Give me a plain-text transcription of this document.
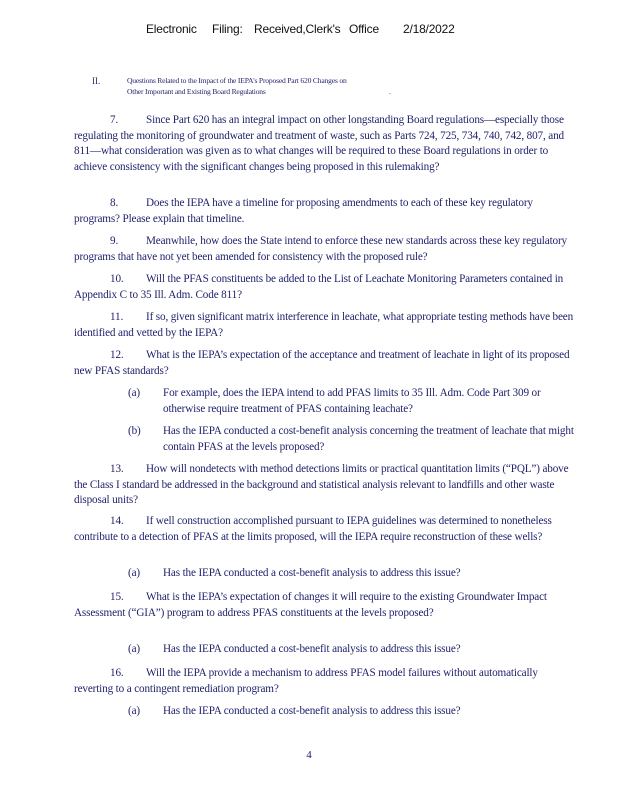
Electronic Filing: Received,Clerk's Office 2/18/2022
II.	Questions Related to the Impact of the IEPA's Proposed Part 620 Changes on
Other Important and Existing Board Regulations	.
7. Since Part 620 has an integral impact on other longstanding Board regulations—especially those regulating the monitoring of groundwater and treatment of waste, such as Parts 724, 725, 734, 740, 742, 807, and 811—what consideration was given as to what changes will be required to these Board regulations in order to achieve consistency with the significant changes being proposed in this rulemaking?
8. Does the IEPA have a timeline for proposing amendments to each of these key regulatory programs? Please explain that timeline.
9. Meanwhile, how does the State intend to enforce these new standards across these key regulatory programs that have not yet been amended for consistency with the proposed rule?
10. Will the PFAS constituents be added to the List of Leachate Monitoring Parameters contained in Appendix C to 35 Ill. Adm. Code 811?
11. If so, given significant matrix interference in leachate, what appropriate testing methods have been identified and vetted by the IEPA?
12. What is the IEPA’s expectation of the acceptance and treatment of leachate in light of its proposed new PFAS standards?
(a) For example, does the IEPA intend to add PFAS limits to 35 Ill. Adm. Code Part 309 or otherwise require treatment of PFAS containing leachate?
(b) Has the IEPA conducted a cost-benefit analysis concerning the treatment of leachate that might contain PFAS at the levels proposed?
13. How will nondetects with method detections limits or practical quantitation limits (“PQL”) above the Class I standard be addressed in the background and statistical analysis relevant to landfills and other waste disposal units?
14. If well construction accomplished pursuant to IEPA guidelines was determined to nonetheless contribute to a detection of PFAS at the limits proposed, will the IEPA require reconstruction of these wells?
(a) Has the IEPA conducted a cost-benefit analysis to address this issue?
15. What is the IEPA’s expectation of changes it will require to the existing Groundwater Impact Assessment (“GIA”) program to address PFAS constituents at the levels proposed?
(a) Has the IEPA conducted a cost-benefit analysis to address this issue?
16. Will the IEPA provide a mechanism to address PFAS model failures without automatically reverting to a contingent remediation program?
(a) Has the IEPA conducted a cost-benefit analysis to address this issue?
4
